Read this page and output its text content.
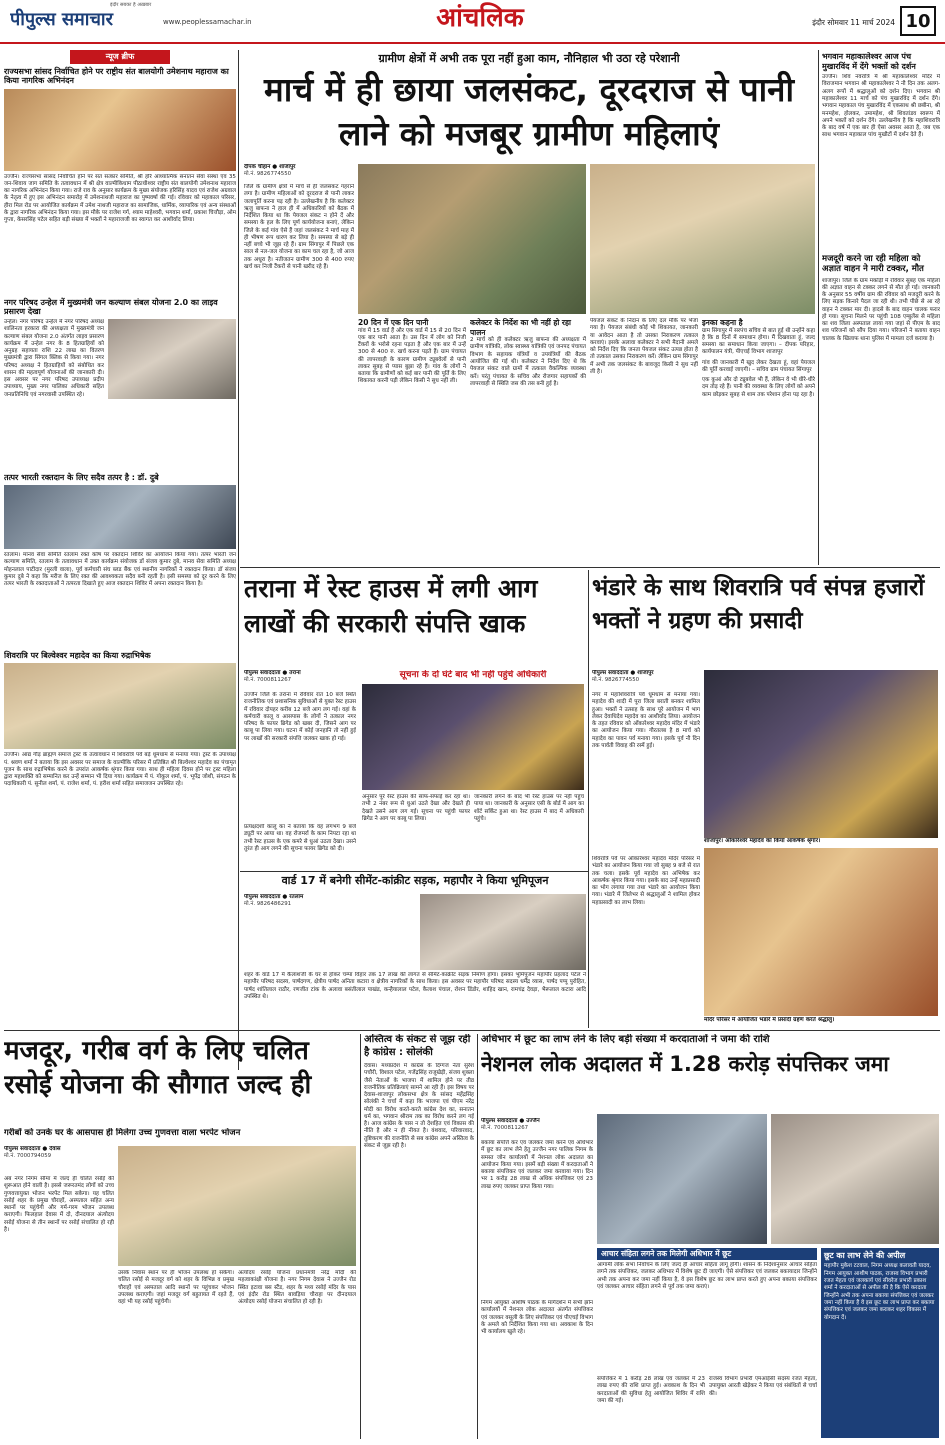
पीपुल्स समाचार
इंदौर सबका है अख़बार
www.peoplessamachar.in	आंचलिक	इंदौर सोमवार 11 मार्च 2024 10
न्यूज ब्रीफ
राज्यसभा सांसद निर्वाचित होने पर राष्ट्रीय संत बालयोगी उमेशनाथ महाराज का किया नागरिक अभिनंदन
उज्जैन। राज्यसभा सांसद निर्वाचित होने पर संत सत्कार समिति, श्री हरि आध्यात्मिक सनातन सेवा संस्था एवं 35 जन-शिवाय जाग समिति के तत्वावधान में श्री क्षेत्र वाल्मीकिधाम पीठाधीश्वर राष्ट्रीय संत बालयोगी उमेशनाथ महाराज का नागरिक अभिनंदन किया गया। राजे राव के अनुसार कार्यक्रम के मुख्य संयोजक हरिसिंह यादव एवं राजेश अग्रवाल के नेतृत्व में हुए इस अभिनंदन समारोह में उमेशनाथजी महाराज का पुष्पवर्षा की गई। रविवार को महाकाल परिसर, हीरा मिल रोड पर आयोजित कार्यक्रम में उमेश नाथजी महाराज का सामाजिक, धार्मिक, व्यापारिक एवं अन्य संस्थाओं के द्वारा नागरिक अभिनंदन किया गया। इस मौके पर राजेश गर्ग, श्याम माहेश्वरी, भगवान शर्मा, प्रकाश चित्तौड़ा, ओम गुप्ता, केसरसिंह पटेल सहित बड़ी संख्या में भक्तों ने महाराजजी का स्वागत कर आशीर्वाद लिया।
नगर परिषद उन्हेल में मुख्यमंत्री जन कल्याण संबल योजना 2.0 का लाइव प्रसारण देखा
उन्हेल। नगर परिषद उन्हेल में नगर परिषद अध्यक्ष शालिनता हरकारा की अध्यक्षता में मुख्यमंत्री जन कल्याण संबल योजना 2.0 अंतर्गत लाइव प्रसारण कार्यक्रम में उन्हेल नगर के 8 हितग्राहियों को अनुग्रह सहायता राशि 22 लाख का वितरण मुख्यमंत्री द्वारा सिंगल क्लिक से किया गया। नगर परिषद अध्यक्ष ने हितग्राहियों को संबोधित कर शासन की महत्वपूर्ण योजनाओं की जानकारी दी। इस अवसर पर नगर परिषद उपाध्यक्ष प्रदीप उपाध्याय, मुख्य नगर पालिका अधिकारी सहित जनप्रतिनिधि एवं नगरवासी उपस्थित रहे।
तत्पर भारती रक्तदान के लिए सदैव तत्पर है : डॉ. दुबे
रतलाम। मानव सेवा समिति रतलाम रक्त कोष पर रक्तदान शिविर का आयोजन किया गया। तत्पर भारती जन कल्याण समिति, रतलाम के तत्वावधान में उक्त कार्यक्रम संयोजक डॉ संजय कुमार दुबे, मानव सेवा समिति अध्यक्ष मोहनलाल पाटीदार (मुरली वाला), पूर्व कर्मचारी संघ ब्लड बैंक एवं स्थानीय नागरिकों ने रक्तदान किया। डॉ संजय कुमार दुबे ने कहा कि मरीज के लिए रक्त की आवश्यकता सदैव बनी रहती है। इसी समस्या को दूर करने के लिए तत्पर भारती के रक्तदाताओं ने तत्परता दिखाते हुए आज रक्तदान शिविर में अपना रक्तदान किया है।
शिवरात्रि पर बिल्वेश्वर महादेव का किया रुद्राभिषेक
उज्जैन। आद्य गौड़ ब्राह्मण समाज ट्रस्ट के तत्वावधान में शिवरात्रि पर्व बड़े धूमधाम से मनाया गया। ट्रस्ट के उपाध्यक्ष पं. श्रवण शर्मा ने बताया कि इस अवसर पर समाज के वाल्मीकि परिसर में प्रतिष्ठित श्री बिल्वेश्वर महादेव का पंचामृत पूजन के साथ रुद्राभिषेक करने के उपरांत आकर्षक श्रृंगार किया गया। साथ ही महिला दिवस होने पर ट्रस्ट महिला द्वारा महाशक्ति को सम्मानित कर उन्हें सम्मान भी दिया गया। कार्यक्रम में पं. गोकुल शर्मा, पं. भूपेंद्र जोशी, संगठन के पदाधिकारी पं. सुनील शर्मा, पं. राजेश शर्मा, पं. हरीश शर्मा सहित समाजजन उपस्थित रहे।
ग्रामीण क्षेत्रों में अभी तक पूरा नहीं हुआ काम, नौनिहाल भी उठा रहे परेशानी
मार्च में ही छाया जलसंकट, दूरदराज से पानी लाने को मजबूर ग्रामीण महिलाएं
दीपक चौहान ● शाजापुर
मो.नं. 9826774550
जिले के ग्रामीण क्षेत्रों में मार्च से ही जलसंकट गहराने लगा है। ग्रामीण महिलाओं को दूरदराज से पानी लाकर जलापूर्ति करना पड़ रही है। उल्लेखनीय है कि कलेक्टर ऋजु बाफना ने हाल ही में अधिकारियों को बैठक में निर्देशित किया था कि पेयजल संकट न होने दें और समस्या के हल के लिए पूर्ण कार्ययोजना बनाएं, लेकिन जिले के कई गांव ऐसे हैं जहां जलसंकट ने मार्च माह में ही भीषण रूप धारण कर लिया है। समस्या से बड़े ही नहीं बच्चे भी जूझ रहे हैं। ग्राम सिंगापुर में पिछले एक साल से नल-जल योजना का काम चल रहा है, जो आज तक अधूरा है। नतीजतन ग्रामीण 300 से 400 रुपए खर्च कर निजी टैंकरों से पानी खरीद रहे हैं।
20 दिन में एक दिन पानी
गांव में 15 वार्ड हैं और एक वार्ड में 15 से 20 दिन में एक बार पानी आता है। उस दिन में लोग को निजी टैंकरों के भरोसे रहना पड़ता है और एक बार में उन्हें 300 से 400 रु. खर्च करना पड़ते हैं। ग्राम पंचायत की लापरवाही के कारण ग्रामीण ट्यूबवेलों से पानी लाकर सुबह से प्यास बुझा रहे हैं। गांव के लोगों ने बताया कि ग्रामीणों को कई बार पानी की पूर्ति के लिए शिकायत करनी पड़ी लेकिन किसी ने सुध नहीं ली।
कलेक्टर के निर्देश का भी नहीं हो रहा पालन
2 मार्च को ही कलेक्टर ऋजु बाफना की अध्यक्षता में ग्रामीण यांत्रिकी, लोक स्वास्थ्य यांत्रिकी एवं जनपद पंचायत विभाग के सहायक यंत्रियों व उपयंत्रियों की बैठक आयोजित की गई थी। कलेक्टर ने निर्देश दिए थे कि पेयजल संकट वाले ग्रामों में तत्काल वैकल्पिक व्यवस्था करें। परंतु पंचायत के सचिव और रोजगार सहायकों की लापरवाही से स्थिति जस की तस बनी हुई है।
पेयजल संकट के निदान के लिए दल मौके पर भेजा गया है। पेयजल संबंधी कोई भी शिकायत, जानकारी या आवेदन आता है तो उसका निराकरण तत्काल करवाएं। इसके अलावा कलेक्टर ने सभी मैदानी अमले को निर्देश दिए कि जनता पेयजल संकट उत्पन्न होता है तो तत्काल उसका निराकरण करें। लेकिन ग्राम सिंगापुर में अभी तक जलसंकट के बावजूद किसी ने सुध नहीं ली है।
इनका कहना है
ग्राम सिंगापुर में सरपंच सचिव से बात हुई थी उन्होंने कहा है कि 8 दिनों में समाधान होगा। मैं दिखवाता हूं, जल्द समस्या का समाधान किया जाएगा। – दीपक परिहार, कार्यपालन यंत्री, पीएचई विभाग शाजापुर
गांव की जानकारी मैं खुद लेकर देखता हूं, वहां पेयजल की पूर्ति करवाई जाएगी। – सचिव ग्राम पंचायत सिंगापुर
एक कुआं और दो ट्यूबवेल भी हैं, लेकिन वे भी धीरे-धीरे दम तोड़ रहे हैं। पानी की व्यवस्था के लिए लोगों को अपने काम छोड़कर सुबह से शाम तक परेशान होना पड़ रहा है।
भगवान महाकालेश्वर आज पंच मुखारविंद में देंगे भक्तों को दर्शन
उज्जैन। शिव नवरात्रि में श्री महाकालेश्वर मंदिर में विराजमान भगवान श्री महाकालेश्वर ने नौ दिन तक अलग-अलग रूपों में श्रद्धालुओं को दर्शन दिए। भगवान श्री महाकालेश्वर 11 मार्च को पंच मुखारविंद में दर्शन देंगे। भगवान महाकाल पंच मुखारविंद में एकसाथ श्री छबीना, श्री मनमहेश, होलकर, उमामहेश, श्री शिवतांडव स्वरूप में अपने भक्तों को दर्शन देंगे। उल्लेखनीय है कि महाशिवरात्रि के बाद वर्ष में एक बार ही ऐसा अवसर आता है, जब एक साथ भगवान महाकाल पांच मुखौटों में दर्शन देते हैं।
मजदूरी करने जा रही महिला को अज्ञात वाहन ने मारी टक्कर, मौत
शाजापुर। जिले के ग्राम मकोड़ी में रविवार सुबह एक महिला की अज्ञात वाहन से टक्कर लगने से मौत हो गई। जानकारी के अनुसार 55 वर्षीय ग्राम की रविवार को मजदूरी करने के लिए सड़क किनारे पैदल जा रही थी। तभी पीछे से आ रहे वाहन ने टक्कर मार दी। हादसे के बाद वाहन चालक फरार हो गया। सूचना मिलने पर पहुंची 108 एम्बुलेंस से महिला का शव जिला अस्पताल लाया गया जहां से पीएम के बाद शव परिजनों को सौंप दिया गया। परिजनों ने बताया वाहन चालक के खिलाफ थाना पुलिस में मामला दर्ज कराया है।
तराना में रेस्ट हाउस में लगी आग लाखों की सरकारी संपत्ति खाक
पीपुल्स संवाददाता ● तराना
मो.नं. 7000811267
सूचना के दो घंटे बाद भी नहीं पहुंचे अधिकारी
उज्जैन जिले के तराना में रविवार रात 10 बजे स्थित राजनीतिक एवं प्रशासनिक सुविधाओं से युक्त रेस्ट हाउस में रविवार दोपहर करीब 12 बजे आग लग गई। वहां के कर्मचारी कालू व आसपास के लोगों ने तत्काल नगर परिषद के फायर ब्रिगेड को खबर दी, जिसने आग पर काबू पा लिया गया। घटना में कोई जनहानि तो नहीं हुई पर लाखों की सरकारी संपत्ति जलकर खाक हो गई।
प्रत्यक्षदर्शी कालू का ने बताया कि वह लगभग 9 बजे ड्यूटी पर आया था। वह रोजमर्रा के काम निपटा रहा था तभी रेस्ट हाउस के एक कमरे से धुआं उठता देखा। उसने तुरंत ही आग लगने की सूचना फायर ब्रिगेड को दी।
अनुसार पूरे रेस्ट हाउस की साफ-सफाई कर रहा था। तभी 2 नंबर रूम से धुआं उठते देखा और देखते ही देखते उसने आग लग गई। सूचना पर पहुंची फायर ब्रिगेड ने आग पर काबू पा लिया।
जानकारी लगने के बाद भी रेस्ट हाउस पर नहीं पहुंच पाया था। जानकारी के अनुसार एसी के बोर्ड में आग का शॉर्ट सर्किट हुआ था। रेस्ट हाउस में बाद में अधिकारी पहुंचे।
भंडारे के साथ शिवरात्रि पर्व संपन्न हजारों भक्तों ने ग्रहण की प्रसादी
पीपुल्स संवाददाता ● शाजापुर
मो.नं. 9826774550
नगर में महाशिवरात्रि पर्व धूमधाम से मनाया गया। महादेव की शादी में पूरा जिला बराती बनकर शामिल हुआ। भक्तों ने उत्साह के साथ पूरे आयोजन में भाग लेकर देवाधिदेव महादेव का आशीर्वाद लिया। आयोजन के तहत रविवार को ओंकारेश्वर महादेव मंदिर में भंडारे का आयोजन किया गया। गौरतलब है 8 मार्च को महादेव का पावन पर्व मनाया गया। इसके पूर्व नौ दिन तक पार्वती विवाह की रस्में हुई।
शिवरात्रि पर्व पर ओंकारेश्वर महादेव मंदिर परिसर में भंडारे का आयोजन किया गया जो सुबह 9 बजे से रात तक चला। इसके पूर्व महादेव का अभिषेक कर आकर्षक श्रृंगार किया गया। इसके बाद उन्हें महाप्रसादी का भोग लगाया गया तथा भंडारे का आयोजन किया गया। भंडारे में जिलेभर से श्रद्धालुओं ने शामिल होकर महाप्रसादी का लाभ लिया।
शाजापुर। ओंकारेश्वर महादेव का किया आकर्षक श्रृंगार।
मंदिर परिसर में आयोजित भंडारे में प्रसादी ग्रहण करते श्रद्धालु।
वार्ड 17 में बनेगी सीमेंट-कांक्रीट सड़क, महापौर ने किया भूमिपूजन
पीपुल्स संवाददाता ● रतलाम
मो.नं. 9826486291
शहर के वार्ड 17 में कैलाशजी के घर से होकर चम्पा विहार तक 17 लाख की लागत से सीमेंट-कांक्रीट सड़क निर्माण होगा। इसका भूमिपूजन महापौर प्रहलाद पटेल ने महापौर परिषद सदस्य, पार्षदगण, क्षेत्रीय पार्षद अनिता कटारा व क्षेत्रीय नागरिकों के साथ किया। इस अवसर पर महापौर परिषद सदस्य धर्मेंद्र व्यास, पार्षद पप्पू पुरोहित, पार्षद शांतिलाल राठौर, रणजीत टांक के अलावा बसंतीलाल पाखंड, कन्हैयालाल पटेल, कैलाश पंचाल, रोशन डिंडोर, शाहिद खान, रामचंद्र देवड़ा, भैरूलाल कटारा आदि उपस्थित थे।
मजदूर, गरीब वर्ग के लिए चलित रसोई योजना की सौगात जल्द ही
गरीबों को उनके घर के आसपास ही मिलेगा उच्च गुणवत्ता वाला भरपेट भोजन
पीपुल्स संवाददाता ● देवास
मो.नं. 7000794059
अब नगर निगम सीमा में जल्द ही चलित रसोई की शुरूआत होने वाली है। इससे जरूरतमंद लोगों को उच्च गुणवत्तायुक्त भोजन भरपेट मिल सकेगा। यह चलित रसोई शहर के प्रमुख चौराहों, अस्पताल सहित अन्य स्थानों पर पहुंचेगी और गर्म-गरम भोजन उपलब्ध कराएगी। फिलहाल देवास में दो, दीनदयाल अंत्योदय रसोई योजना से तीन स्थानों पर रसोई संचालित हो रही है।
उसके निवास स्थान पर ही भोजन उपलब्ध हो सकेगा। चलित रसोई से मजदूर वर्ग को शहर के विभिन्न व प्रमुख चौराहों एवं अस्पताल आदि स्थानों पर पहुंचकर भोजन उपलब्ध कराएगी। जहां मजदूर वर्ग बहुतायत में रहते हैं, वहां भी यह रसोई पहुंचेगी।
अंत्योदय रसोई योजना प्रधानमंत्री नरेंद्र मोदी की महत्वाकांक्षी योजना है। नगर निगम देवास ने उज्जैन रोड स्थित इटावा बस स्टैंड, शहर के मध्य रसोई मंदिर के पास एवं इंदौर रोड स्थित बावड़िया चौराहा पर दीनदयाल अंत्योदय रसोई योजना संचालित हो रही है।
अस्तित्व के संकट से जूझ रही है कांग्रेस : सोलंकी
देवास। मध्यप्रदेश में कांग्रेस के दिग्गज नेता सुरेश पचौरी, विशाल पटेल, गजेंद्रसिंह राजूखेड़ी, संजय शुक्ला जैसे नेताओं के भाजपा में शामिल होने पर तीव्र राजनीतिक प्रतिक्रियाएं सामने आ रही हैं। इस विषय पर देवास-शाजापुर लोकसभा क्षेत्र के सांसद महेंद्रसिंह सोलंकी ने चर्चा में कहा कि भाजपा एवं पीएम नरेंद्र मोदी का विरोध करते-करते कांग्रेस देश का, सनातन धर्म का, भगवान श्रीराम तक का विरोध करने लग गई है। आज कांग्रेस के पास न तो देशहित एवं विकास की नीति है और न ही नीयत है। वंशवाद, परिवारवाद, तुष्टिकरण की राजनीति से सब कांग्रेस अपने अस्तित्व के संकट से जूझ रही है।
अधिभार में छूट का लाभ लेने के लिए बड़ी संख्या में करदाताओं ने जमा की राशि
नेशनल लोक अदालत में 1.28 करोड़ संपत्तिकर जमा
पीपुल्स संवाददाता ● उज्जैन
मो.नं. 7000811267
बकाया संपत्ति कर एवं जलकर जमा करने एवं अधिभार में छूट का लाभ लेने हेतु उज्जैन नगर पालिक निगम के समस्त जोन कार्यालयों में नेशनल लोक अदालत का आयोजन किया गया। इसमें बड़ी संख्या में करदाताओं ने बकाया संपत्तिकर एवं जलकर जमा करवाया गया। दिन भर 1 करोड़ 28 लाख से अधिक संपत्तिकर एवं 23 लाख रुपए जलकर प्राप्त किया गया।
निगम आयुक्त आशीष पाठक के मार्गदर्शन में सभी झोन कार्यालयों में नेशनल लोक अदालत अंतर्गत संपत्तिकर एवं जलकर वसूली के लिए संपत्तिकर एवं पीएचई विभाग के अमले को निर्देशित किया गया था। अवकाश के दिन भी कार्यालय खुले रहे।
आचार संहिता लगने तक मिलेगी अधिभार में छूट
आगामी लोक सभा निर्वाचन के लिए जल्द ही आचार संहिता लागू होगी। शासन के निर्देशानुसार आचार संहिता लगने तक संपत्तिकर, जलकर अधिभार में विशेष छूट दी जाएगी। ऐसे संपत्तिकर एवं जलकर बकायादार जिन्होंने अभी तक अपना कर जमा नहीं किया है, वे इस विशेष छूट का लाभ प्राप्त करते हुए अपना बकाया संपत्तिकर एवं जलकर आचार संहिता लगने से पूर्व तक जमा कराएं।
संपत्तिकर में 1 करोड़ 28 लाख एवं जलकर में 23 लाख रुपए की राशि प्राप्त हुई। अवकाश के दिन भी करदाताओं की सुविधा हेतु आयोजित शिविर में राशि जमा की गई।
राजस्व विभाग प्रभारी एमआईसी सदस्य रजत मेहता, उपायुक्त आरती खेड़ेकर ने किया एवं संबंधितों से चर्चा की।
छूट का लाभ लेने की अपील
महापौर मुकेश टटवाल, निगम अध्यक्ष कलावती यादव, निगम आयुक्त आशीष पाठक, राजस्व विभाग प्रभारी रजत मेहता एवं जलकार्य एवं सीवरेज प्रभारी प्रकाश शर्मा ने करदाताओं से अपील की है कि ऐसे करदाता जिन्होंने अभी तक अपना बकाया संपत्तिकर एवं जलकर जमा नहीं किया है वे इस छूट का लाभ प्राप्त कर बकाया संपत्तिकर एवं जलकर जमा कराकर शहर विकास में योगदान दें।
